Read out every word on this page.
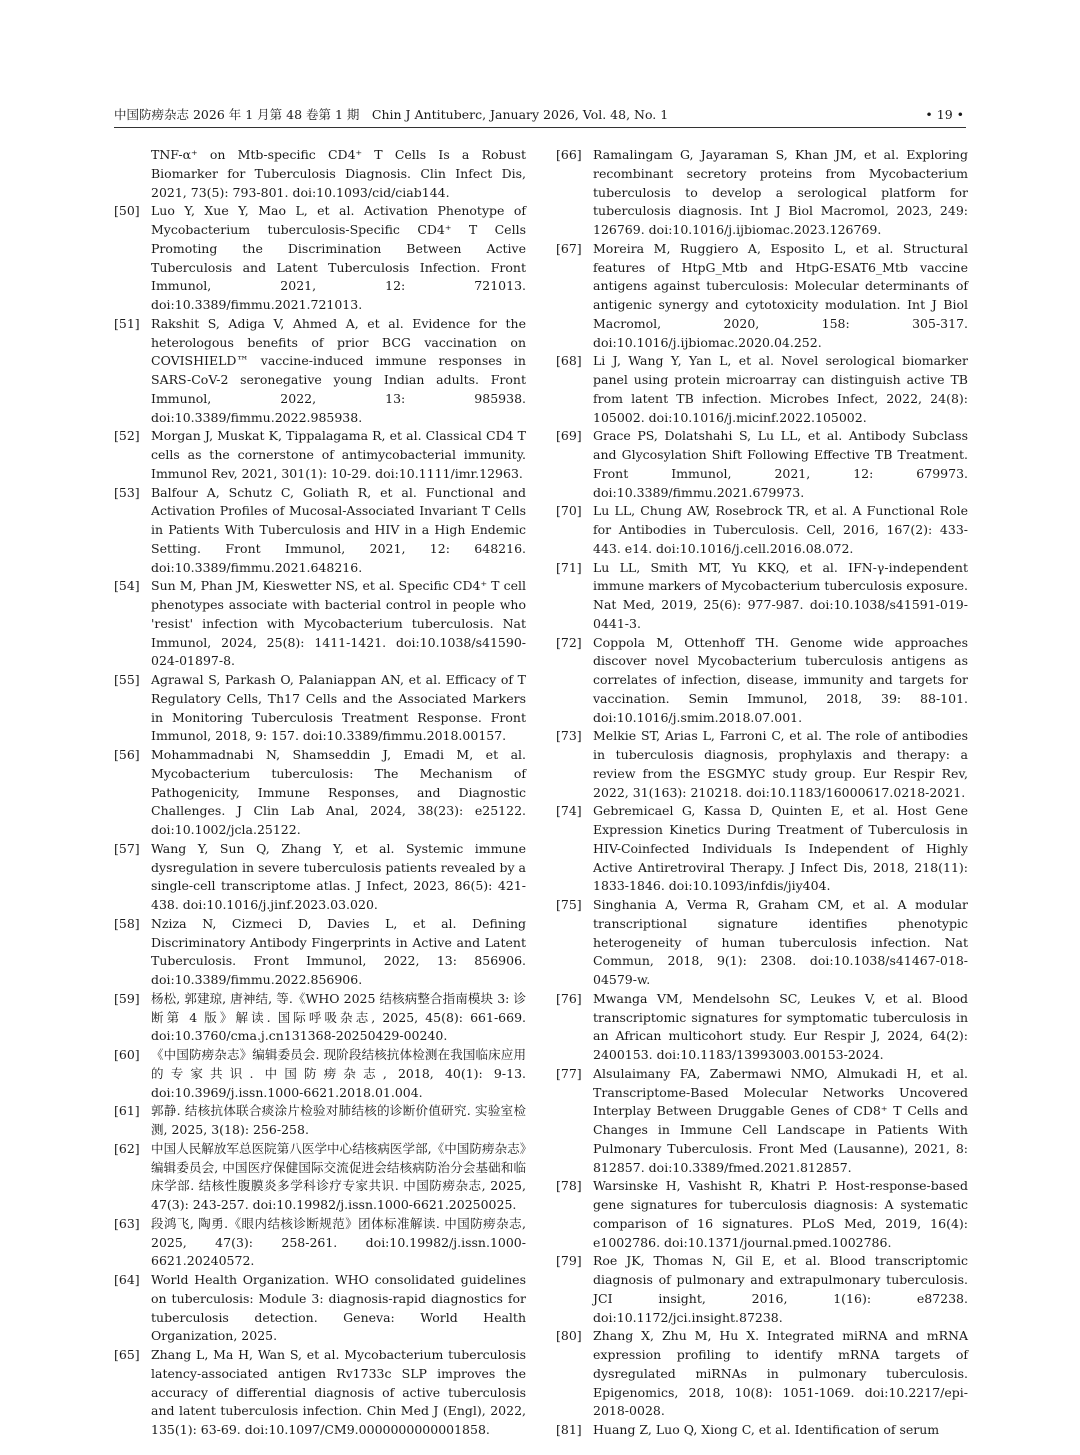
中国防痨杂志 2026 年 1 月第 48 卷第 1 期　Chin J Antituberc, January 2026, Vol. 48, No. 1	• 19 •
TNF-α⁺ on Mtb-specific CD4⁺ T Cells Is a Robust Biomarker for Tuberculosis Diagnosis. Clin Infect Dis, 2021, 73(5): 793-801. doi:10.1093/cid/ciab144.
[50] Luo Y, Xue Y, Mao L, et al. Activation Phenotype of Mycobacterium tuberculosis-Specific CD4⁺ T Cells Promoting the Discrimination Between Active Tuberculosis and Latent Tuberculosis Infection. Front Immunol, 2021, 12: 721013. doi:10.3389/fimmu.2021.721013.
[51] Rakshit S, Adiga V, Ahmed A, et al. Evidence for the heterologous benefits of prior BCG vaccination on COVISHIELD™ vaccine-induced immune responses in SARS-CoV-2 seronegative young Indian adults. Front Immunol, 2022, 13: 985938. doi:10.3389/fimmu.2022.985938.
[52] Morgan J, Muskat K, Tippalagama R, et al. Classical CD4 T cells as the cornerstone of antimycobacterial immunity. Immunol Rev, 2021, 301(1): 10-29. doi:10.1111/imr.12963.
[53] Balfour A, Schutz C, Goliath R, et al. Functional and Activation Profiles of Mucosal-Associated Invariant T Cells in Patients With Tuberculosis and HIV in a High Endemic Setting. Front Immunol, 2021, 12: 648216. doi:10.3389/fimmu.2021.648216.
[54] Sun M, Phan JM, Kieswetter NS, et al. Specific CD4⁺ T cell phenotypes associate with bacterial control in people who 'resist' infection with Mycobacterium tuberculosis. Nat Immunol, 2024, 25(8): 1411-1421. doi:10.1038/s41590-024-01897-8.
[55] Agrawal S, Parkash O, Palaniappan AN, et al. Efficacy of T Regulatory Cells, Th17 Cells and the Associated Markers in Monitoring Tuberculosis Treatment Response. Front Immunol, 2018, 9: 157. doi:10.3389/fimmu.2018.00157.
[56] Mohammadnabi N, Shamseddin J, Emadi M, et al. Mycobacterium tuberculosis: The Mechanism of Pathogenicity, Immune Responses, and Diagnostic Challenges. J Clin Lab Anal, 2024, 38(23): e25122. doi:10.1002/jcla.25122.
[57] Wang Y, Sun Q, Zhang Y, et al. Systemic immune dysregulation in severe tuberculosis patients revealed by a single-cell transcriptome atlas. J Infect, 2023, 86(5): 421-438. doi:10.1016/j.jinf.2023.03.020.
[58] Nziza N, Cizmeci D, Davies L, et al. Defining Discriminatory Antibody Fingerprints in Active and Latent Tuberculosis. Front Immunol, 2022, 13: 856906. doi:10.3389/fimmu.2022.856906.
[59] 杨松, 郭建琼, 唐神结, 等.《WHO 2025 结核病整合指南模块 3: 诊断第 4 版》解读. 国际呼吸杂志, 2025, 45(8): 661-669. doi:10.3760/cma.j.cn131368-20250429-00240.
[60] 《中国防痨杂志》编辑委员会. 现阶段结核抗体检测在我国临床应用的专家共识. 中国防痨杂志, 2018, 40(1): 9-13. doi:10.3969/j.issn.1000-6621.2018.01.004.
[61] 郭静. 结核抗体联合痰涂片检验对肺结核的诊断价值研究. 实验室检测, 2025, 3(18): 256-258.
[62] 中国人民解放军总医院第八医学中心结核病医学部,《中国防痨杂志》编辑委员会, 中国医疗保健国际交流促进会结核病防治分会基础和临床学部. 结核性腹膜炎多学科诊疗专家共识. 中国防痨杂志, 2025, 47(3): 243-257. doi:10.19982/j.issn.1000-6621.20250025.
[63] 段鸿飞, 陶勇.《眼内结核诊断规范》团体标准解读. 中国防痨杂志, 2025, 47(3): 258-261. doi:10.19982/j.issn.1000-6621.20240572.
[64] World Health Organization. WHO consolidated guidelines on tuberculosis: Module 3: diagnosis-rapid diagnostics for tuberculosis detection. Geneva: World Health Organization, 2025.
[65] Zhang L, Ma H, Wan S, et al. Mycobacterium tuberculosis latency-associated antigen Rv1733c SLP improves the accuracy of differential diagnosis of active tuberculosis and latent tuberculosis infection. Chin Med J (Engl), 2022, 135(1): 63-69. doi:10.1097/CM9.0000000000001858.
[66] Ramalingam G, Jayaraman S, Khan JM, et al. Exploring recombinant secretory proteins from Mycobacterium tuberculosis to develop a serological platform for tuberculosis diagnosis. Int J Biol Macromol, 2023, 249: 126769. doi:10.1016/j.ijbiomac.2023.126769.
[67] Moreira M, Ruggiero A, Esposito L, et al. Structural features of HtpG_Mtb and HtpG-ESAT6_Mtb vaccine antigens against tuberculosis: Molecular determinants of antigenic synergy and cytotoxicity modulation. Int J Biol Macromol, 2020, 158: 305-317. doi:10.1016/j.ijbiomac.2020.04.252.
[68] Li J, Wang Y, Yan L, et al. Novel serological biomarker panel using protein microarray can distinguish active TB from latent TB infection. Microbes Infect, 2022, 24(8): 105002. doi:10.1016/j.micinf.2022.105002.
[69] Grace PS, Dolatshahi S, Lu LL, et al. Antibody Subclass and Glycosylation Shift Following Effective TB Treatment. Front Immunol, 2021, 12: 679973. doi:10.3389/fimmu.2021.679973.
[70] Lu LL, Chung AW, Rosebrock TR, et al. A Functional Role for Antibodies in Tuberculosis. Cell, 2016, 167(2): 433-443. e14. doi:10.1016/j.cell.2016.08.072.
[71] Lu LL, Smith MT, Yu KKQ, et al. IFN-γ-independent immune markers of Mycobacterium tuberculosis exposure. Nat Med, 2019, 25(6): 977-987. doi:10.1038/s41591-019-0441-3.
[72] Coppola M, Ottenhoff TH. Genome wide approaches discover novel Mycobacterium tuberculosis antigens as correlates of infection, disease, immunity and targets for vaccination. Semin Immunol, 2018, 39: 88-101. doi:10.1016/j.smim.2018.07.001.
[73] Melkie ST, Arias L, Farroni C, et al. The role of antibodies in tuberculosis diagnosis, prophylaxis and therapy: a review from the ESGMYC study group. Eur Respir Rev, 2022, 31(163): 210218. doi:10.1183/16000617.0218-2021.
[74] Gebremicael G, Kassa D, Quinten E, et al. Host Gene Expression Kinetics During Treatment of Tuberculosis in HIV-Coinfected Individuals Is Independent of Highly Active Antiretroviral Therapy. J Infect Dis, 2018, 218(11): 1833-1846. doi:10.1093/infdis/jiy404.
[75] Singhania A, Verma R, Graham CM, et al. A modular transcriptional signature identifies phenotypic heterogeneity of human tuberculosis infection. Nat Commun, 2018, 9(1): 2308. doi:10.1038/s41467-018-04579-w.
[76] Mwanga VM, Mendelsohn SC, Leukes V, et al. Blood transcriptomic signatures for symptomatic tuberculosis in an African multicohort study. Eur Respir J, 2024, 64(2): 2400153. doi:10.1183/13993003.00153-2024.
[77] Alsulaimany FA, Zabermawi NMO, Almukadi H, et al. Transcriptome-Based Molecular Networks Uncovered Interplay Between Druggable Genes of CD8⁺ T Cells and Changes in Immune Cell Landscape in Patients With Pulmonary Tuberculosis. Front Med (Lausanne), 2021, 8: 812857. doi:10.3389/fmed.2021.812857.
[78] Warsinske H, Vashisht R, Khatri P. Host-response-based gene signatures for tuberculosis diagnosis: A systematic comparison of 16 signatures. PLoS Med, 2019, 16(4): e1002786. doi:10.1371/journal.pmed.1002786.
[79] Roe JK, Thomas N, Gil E, et al. Blood transcriptomic diagnosis of pulmonary and extrapulmonary tuberculosis. JCI insight, 2016, 1(16): e87238. doi:10.1172/jci.insight.87238.
[80] Zhang X, Zhu M, Hu X. Integrated miRNA and mRNA expression profiling to identify mRNA targets of dysregulated miRNAs in pulmonary tuberculosis. Epigenomics, 2018, 10(8): 1051-1069. doi:10.2217/epi-2018-0028.
[81] Huang Z, Luo Q, Xiong C, et al. Identification of serum
